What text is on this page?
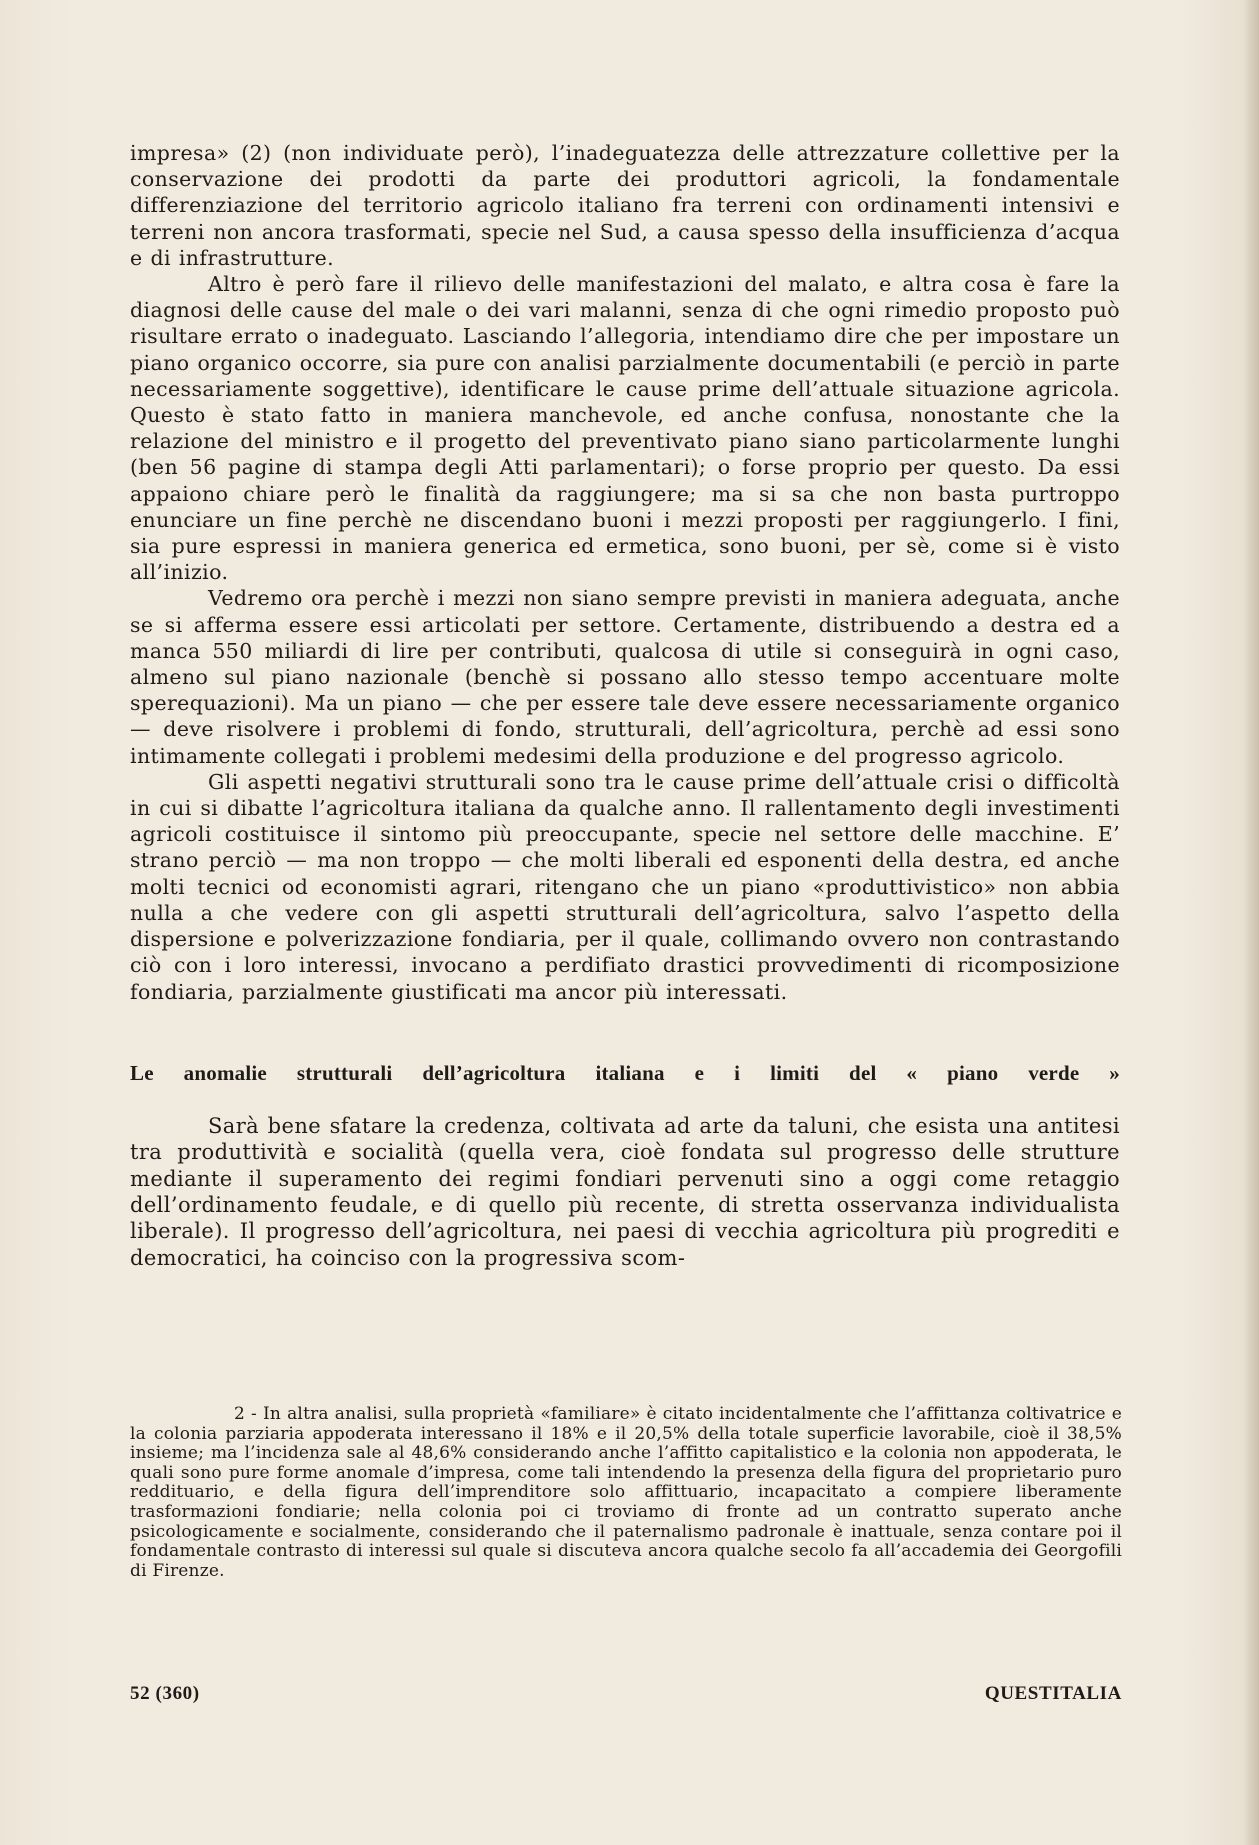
impresa» (2) (non individuate però), l’inadeguatezza delle attrezzature collettive per la conservazione dei prodotti da parte dei produttori agricoli, la fondamentale differenziazione del territorio agricolo italiano fra terreni con ordinamenti intensivi e terreni non ancora trasformati, specie nel Sud, a causa spesso della insufficienza d’acqua e di infrastrutture.

Altro è però fare il rilievo delle manifestazioni del malato, e altra cosa è fare la diagnosi delle cause del male o dei vari malanni, senza di che ogni rimedio proposto può risultare errato o inadeguato. Lasciando l’allegoria, intendiamo dire che per impostare un piano organico occorre, sia pure con analisi parzialmente documentabili (e perciò in parte necessariamente soggettive), identificare le cause prime dell’attuale situazione agricola. Questo è stato fatto in maniera manchevole, ed anche confusa, nonostante che la relazione del ministro e il progetto del preventivato piano siano particolarmente lunghi (ben 56 pagine di stampa degli Atti parlamentari); o forse proprio per questo. Da essi appaiono chiare però le finalità da raggiungere; ma si sa che non basta purtroppo enunciare un fine perchè ne discendano buoni i mezzi proposti per raggiungerlo. I fini, sia pure espressi in maniera generica ed ermetica, sono buoni, per sè, come si è visto all’inizio.

Vedremo ora perchè i mezzi non siano sempre previsti in maniera adeguata, anche se si afferma essere essi articolati per settore. Certamente, distribuendo a destra ed a manca 550 miliardi di lire per contributi, qualcosa di utile si conseguirà in ogni caso, almeno sul piano nazionale (benchè si possano allo stesso tempo accentuare molte sperequazioni). Ma un piano — che per essere tale deve essere necessariamente organico — deve risolvere i problemi di fondo, strutturali, dell’agricoltura, perchè ad essi sono intimamente collegati i problemi medesimi della produzione e del progresso agricolo.

Gli aspetti negativi strutturali sono tra le cause prime dell’attuale crisi o difficoltà in cui si dibatte l’agricoltura italiana da qualche anno. Il rallentamento degli investimenti agricoli costituisce il sintomo più preoccupante, specie nel settore delle macchine. E’ strano perciò — ma non troppo — che molti liberali ed esponenti della destra, ed anche molti tecnici od economisti agrari, ritengano che un piano «produttivistico» non abbia nulla a che vedere con gli aspetti strutturali dell’agricoltura, salvo l’aspetto della dispersione e polverizzazione fondiaria, per il quale, collimando ovvero non contrastando ciò con i loro interessi, invocano a perdifiato drastici provvedimenti di ricomposizione fondiaria, parzialmente giustificati ma ancor più interessati.

Le anomalie strutturali dell’agricoltura italiana e i limiti del « piano verde »

Sarà bene sfatare la credenza, coltivata ad arte da taluni, che esista una antitesi tra produttività e socialità (quella vera, cioè fondata sul progresso delle strutture mediante il superamento dei regimi fondiari pervenuti sino a oggi come retaggio dell’ordinamento feudale, e di quello più recente, di stretta osservanza individualista liberale). Il progresso dell’agricoltura, nei paesi di vecchia agricoltura più progrediti e democratici, ha coinciso con la progressiva scom-

2 - In altra analisi, sulla proprietà «familiare» è citato incidentalmente che l’affittanza coltivatrice e la colonia parziaria appoderata interessano il 18% e il 20,5% della totale superficie lavorabile, cioè il 38,5% insieme; ma l’incidenza sale al 48,6% considerando anche l’affitto capitalistico e la colonia non appoderata, le quali sono pure forme anomale d’impresa, come tali intendendo la presenza della figura del proprietario puro reddituario, e della figura dell’imprenditore solo affittuario, incapacitato a compiere liberamente trasformazioni fondiarie; nella colonia poi ci troviamo di fronte ad un contratto superato anche psicologicamente e socialmente, considerando che il paternalismo padronale è inattuale, senza contare poi il fondamentale contrasto di interessi sul quale si discuteva ancora qualche secolo fa all’accademia dei Georgofili di Firenze.

52 (360)	QUESTITALIA
